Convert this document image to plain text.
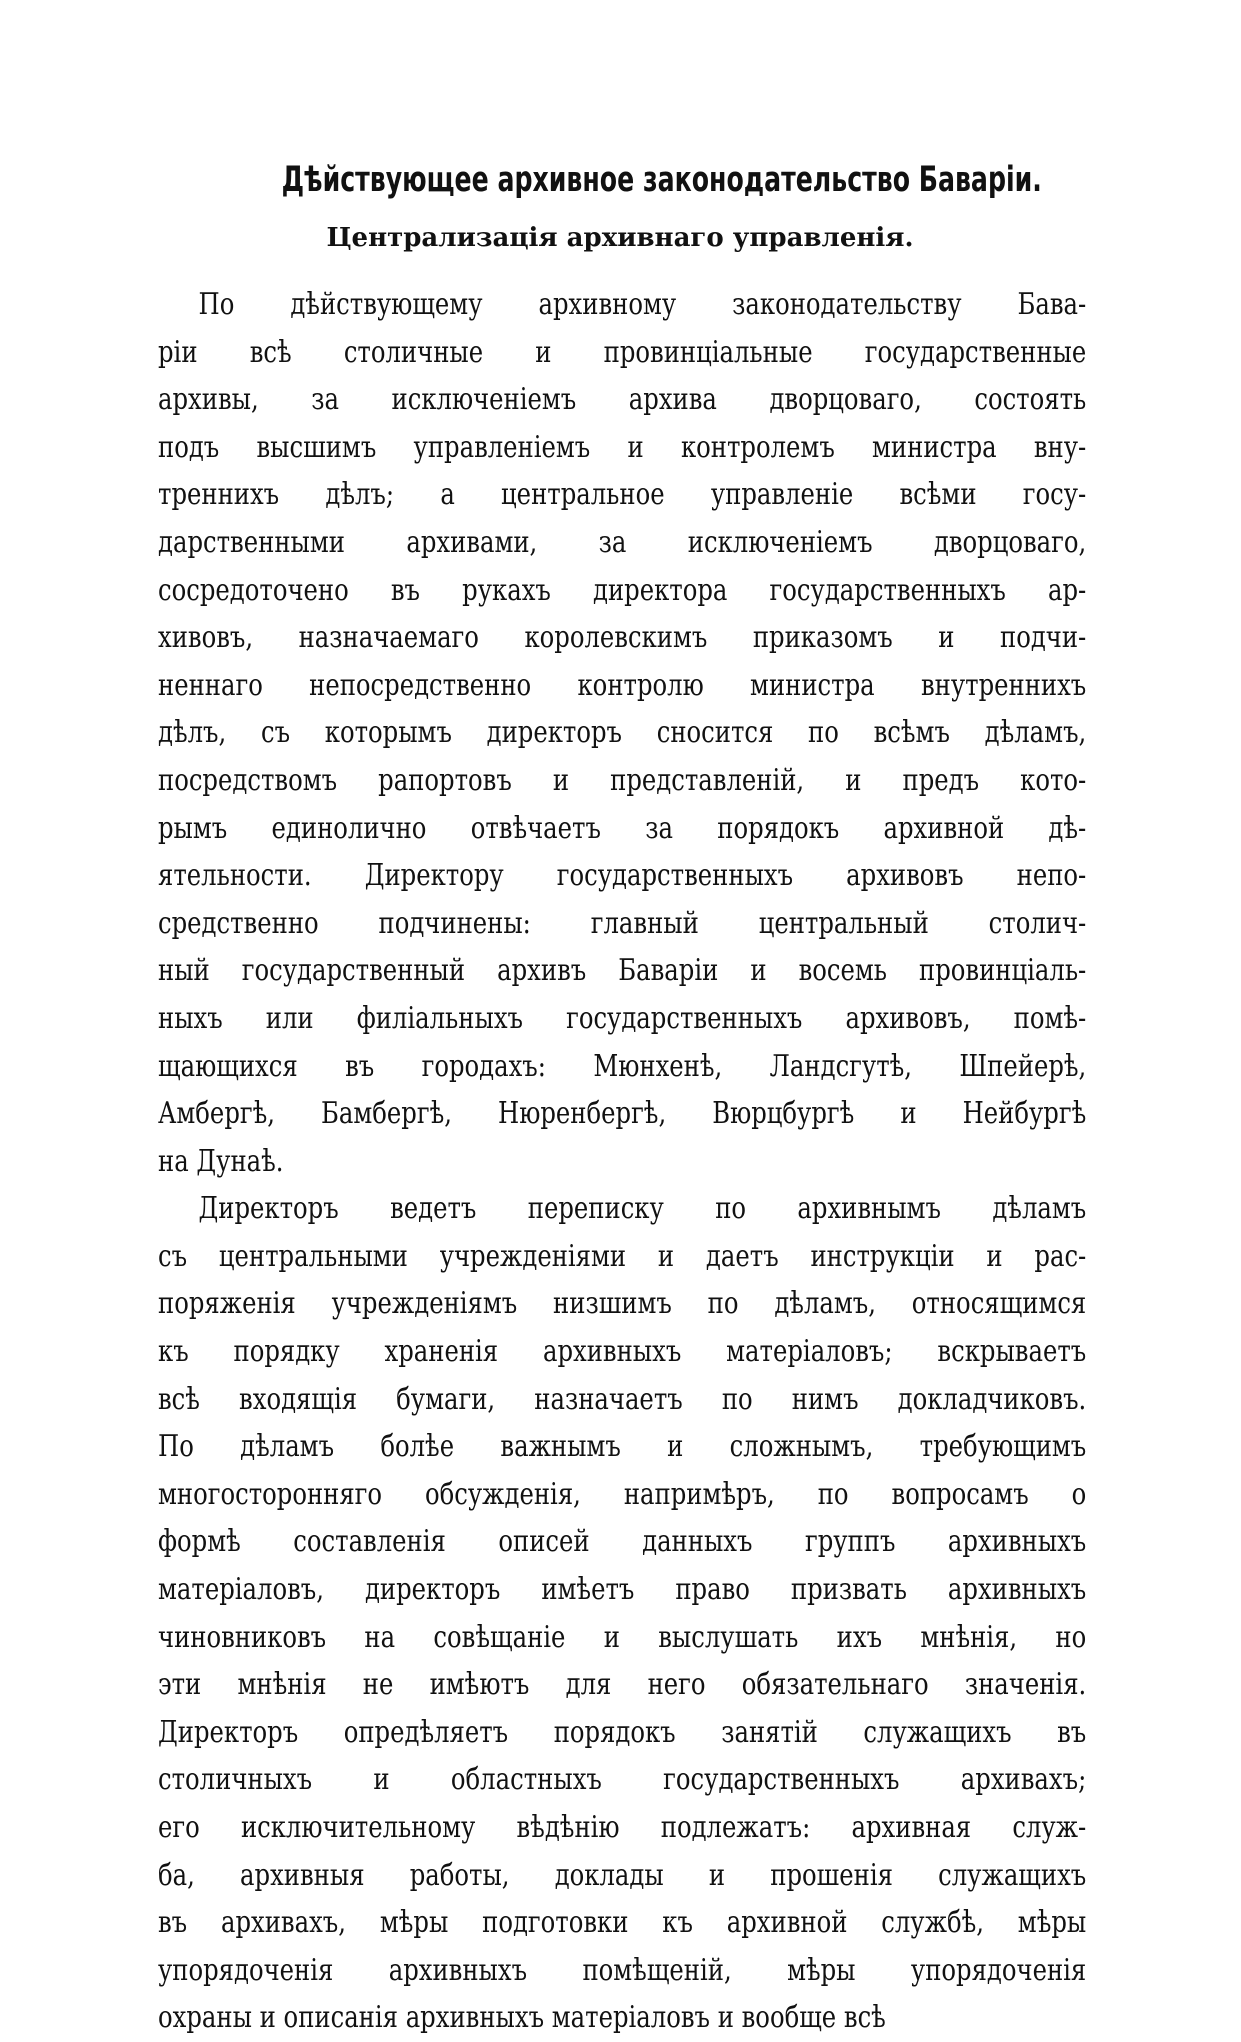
Дѣйствующее архивное законодательство Баваріи.
Централизація архивнаго управленія.
По дѣйствующему архивному законодательству Бава-
ріи всѣ столичные и провинціальные государственные
архивы, за исключеніемъ архива дворцоваго, состоять
подъ высшимъ управленіемъ и контролемъ министра вну-
треннихъ дѣлъ; а центральное управленіе всѣми госу-
дарственными архивами, за исключеніемъ дворцоваго,
сосредоточено въ рукахъ директора государственныхъ ар-
хивовъ, назначаемаго королевскимъ приказомъ и подчи-
неннаго непосредственно контролю министра внутреннихъ
дѣлъ, съ которымъ директоръ сносится по всѣмъ дѣламъ,
посредствомъ рапортовъ и представленій, и предъ кото-
рымъ единолично отвѣчаетъ за порядокъ архивной дѣ-
ятельности. Директору государственныхъ архивовъ непо-
средственно подчинены: главный центральный столич-
ный государственный архивъ Баваріи и восемь провинціаль-
ныхъ или филіальныхъ государственныхъ архивовъ, помѣ-
щающихся въ городахъ: Мюнхенѣ, Ландсгутѣ, Шпейерѣ,
Амбергѣ, Бамбергѣ, Нюренбергѣ, Вюрцбургѣ и Нейбургѣ
на Дунаѣ.
Директоръ ведетъ переписку по архивнымъ дѣламъ
съ центральными учрежденіями и даетъ инструкціи и рас-
поряженія учрежденіямъ низшимъ по дѣламъ, относящимся
къ порядку храненія архивныхъ матеріаловъ; вскрываетъ
всѣ входящія бумаги, назначаетъ по нимъ докладчиковъ.
По дѣламъ болѣе важнымъ и сложнымъ, требующимъ
многосторонняго обсужденія, напримѣръ, по вопросамъ о
формѣ составленія описей данныхъ группъ архивныхъ
матеріаловъ, директоръ имѣетъ право призвать архивныхъ
чиновниковъ на совѣщаніе и выслушать ихъ мнѣнія, но
эти мнѣнія не имѣютъ для него обязательнаго значенія.
Директоръ опредѣляетъ порядокъ занятій служащихъ въ
столичныхъ и областныхъ государственныхъ архивахъ;
его исключительному вѣдѣнію подлежатъ: архивная служ-
ба, архивныя работы, доклады и прошенія служащихъ
въ архивахъ, мѣры подготовки къ архивной службѣ, мѣры
упорядоченія архивныхъ помѣщеній, мѣры упорядоченія
охраны и описанія архивныхъ матеріаловъ и вообще всѣ
